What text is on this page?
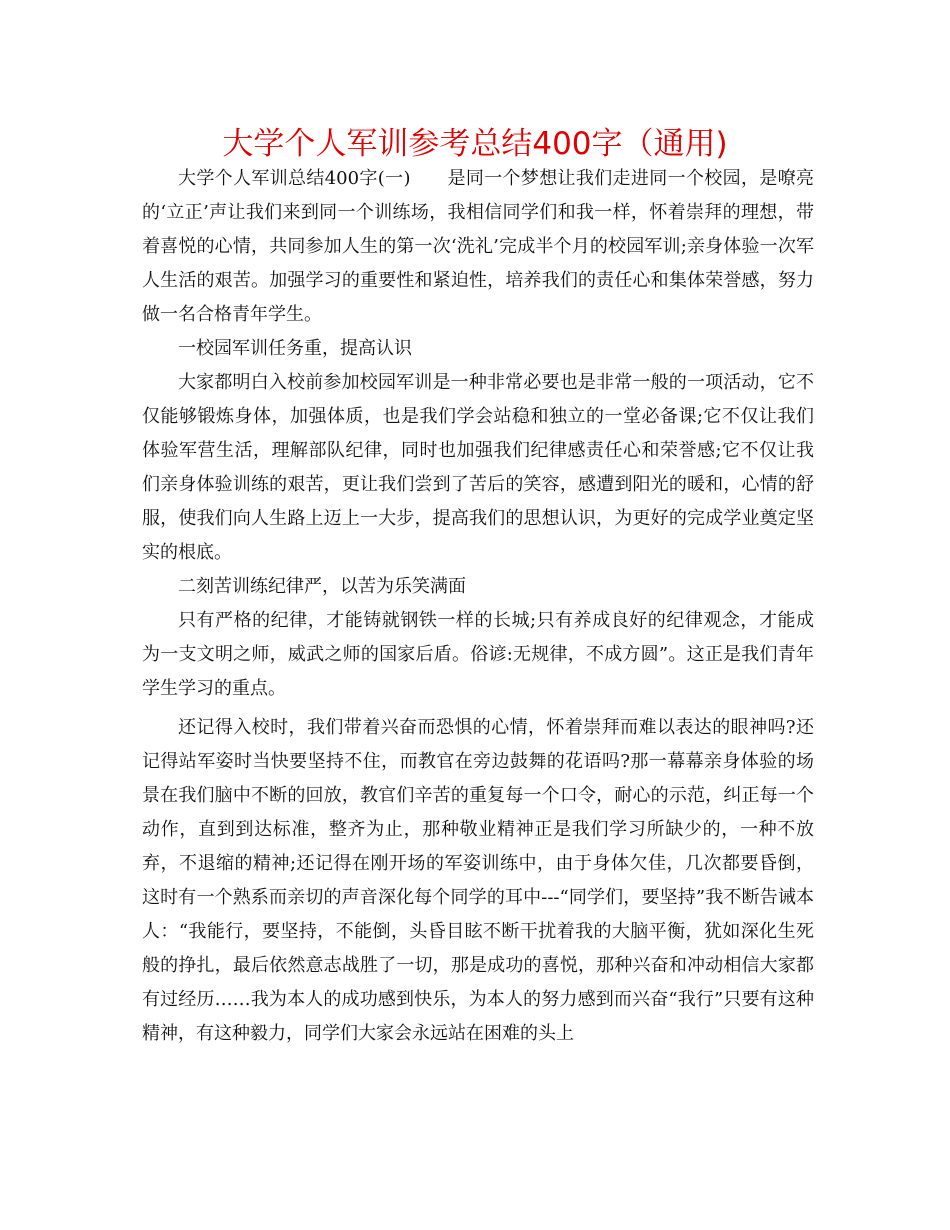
大学个人军训参考总结400字（通用)

大学个人军训总结400字(一)　　是同一个梦想让我们走进同一个校园，是嘹亮的‘立正’声让我们来到同一个训练场，我相信同学们和我一样，怀着崇拜的理想，带着喜悦的心情，共同参加人生的第一次‘洗礼’完成半个月的校园军训;亲身体验一次军人生活的艰苦。加强学习的重要性和紧迫性，培养我们的责任心和集体荣誉感，努力做一名合格青年学生。

一校园军训任务重，提高认识

大家都明白入校前参加校园军训是一种非常必要也是非常一般的一项活动，它不仅能够锻炼身体，加强体质，也是我们学会站稳和独立的一堂必备课;它不仅让我们体验军营生活，理解部队纪律，同时也加强我们纪律感责任心和荣誉感;它不仅让我们亲身体验训练的艰苦，更让我们尝到了苦后的笑容，感遭到阳光的暖和，心情的舒服，使我们向人生路上迈上一大步，提高我们的思想认识，为更好的完成学业奠定坚实的根底。

二刻苦训练纪律严，以苦为乐笑满面

只有严格的纪律，才能铸就钢铁一样的长城;只有养成良好的纪律观念，才能成为一支文明之师，威武之师的国家后盾。俗谚:无规律，不成方圆”。这正是我们青年学生学习的重点。

还记得入校时，我们带着兴奋而恐惧的心情，怀着崇拜而难以表达的眼神吗?还记得站军姿时当快要坚持不住，而教官在旁边鼓舞的花语吗?那一幕幕亲身体验的场景在我们脑中不断的回放，教官们辛苦的重复每一个口令，耐心的示范，纠正每一个动作，直到到达标准，整齐为止，那种敬业精神正是我们学习所缺少的，一种不放弃，不退缩的精神;还记得在刚开场的军姿训练中，由于身体欠佳，几次都要昏倒，这时有一个熟系而亲切的声音深化每个同学的耳中---“同学们，要坚持”我不断告诫本人：“我能行，要坚持，不能倒，头昏目眩不断干扰着我的大脑平衡，犹如深化生死般的挣扎，最后依然意志战胜了一切，那是成功的喜悦，那种兴奋和冲动相信大家都有过经历……我为本人的成功感到快乐，为本人的努力感到而兴奋“我行”只要有这种精神，有这种毅力，同学们大家会永远站在困难的头上
